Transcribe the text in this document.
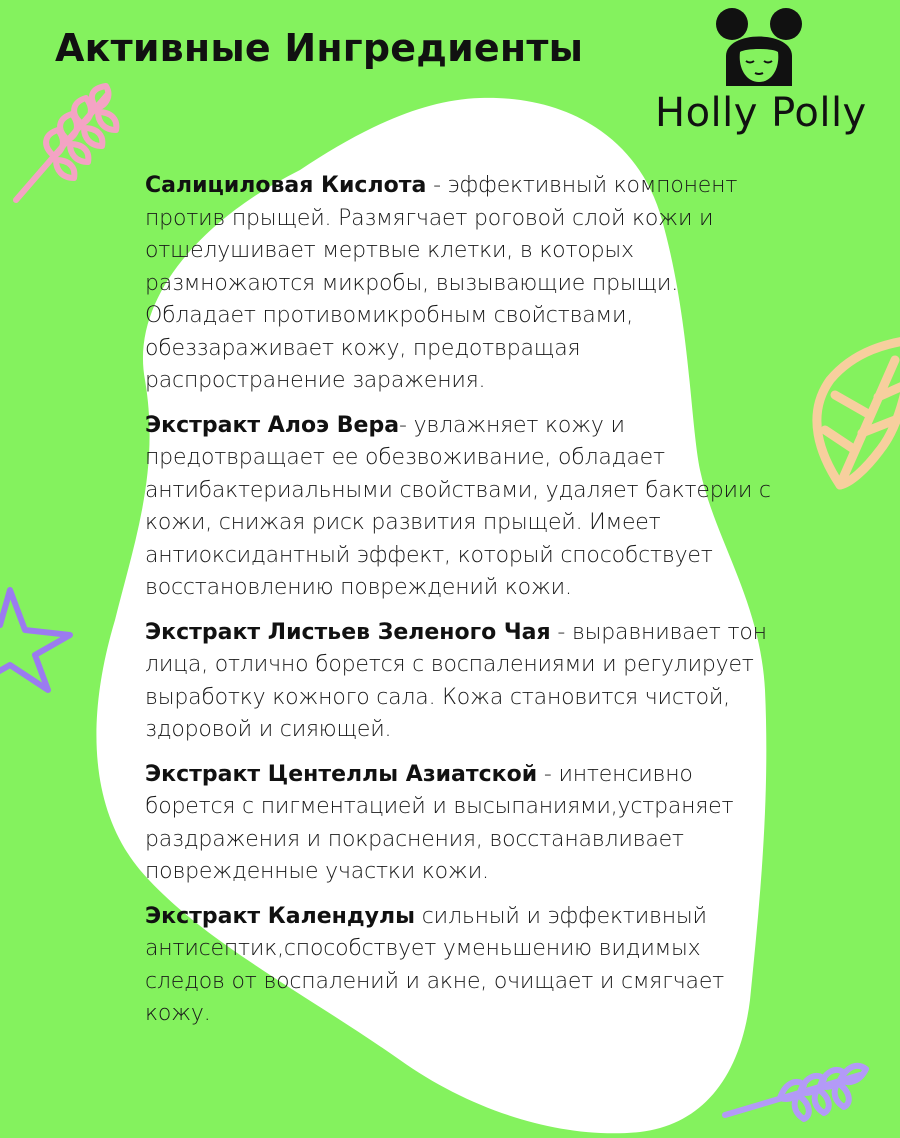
Активные Ингредиенты
Holly Polly

Салициловая Кислота - эффективный компонент против прыщей. Размягчает роговой слой кожи и отшелушивает мертвые клетки, в которых размножаются микробы, вызывающие прыщи. Обладает противомикробным свойствами, обеззараживает кожу, предотвращая распространение заражения.

Экстракт Алоэ Вера- увлажняет кожу и предотвращает ее обезвоживание, обладает антибактериальными свойствами, удаляет бактерии с кожи, снижая риск развития прыщей. Имеет антиоксидантный эффект, который способствует восстановлению повреждений кожи.

Экстракт Листьев Зеленого Чая - выравнивает тон лица, отлично борется с воспалениями и регулирует выработку кожного сала. Кожа становится чистой, здоровой и сияющей.

Экстракт Центеллы Азиатской - интенсивно борется с пигментацией и высыпаниями,устраняет раздражения и покраснения, восстанавливает поврежденные участки кожи.

Экстракт Календулы сильный и эффективный антисептик,способствует уменьшению видимых следов от воспалений и акне, очищает и смягчает кожу.
